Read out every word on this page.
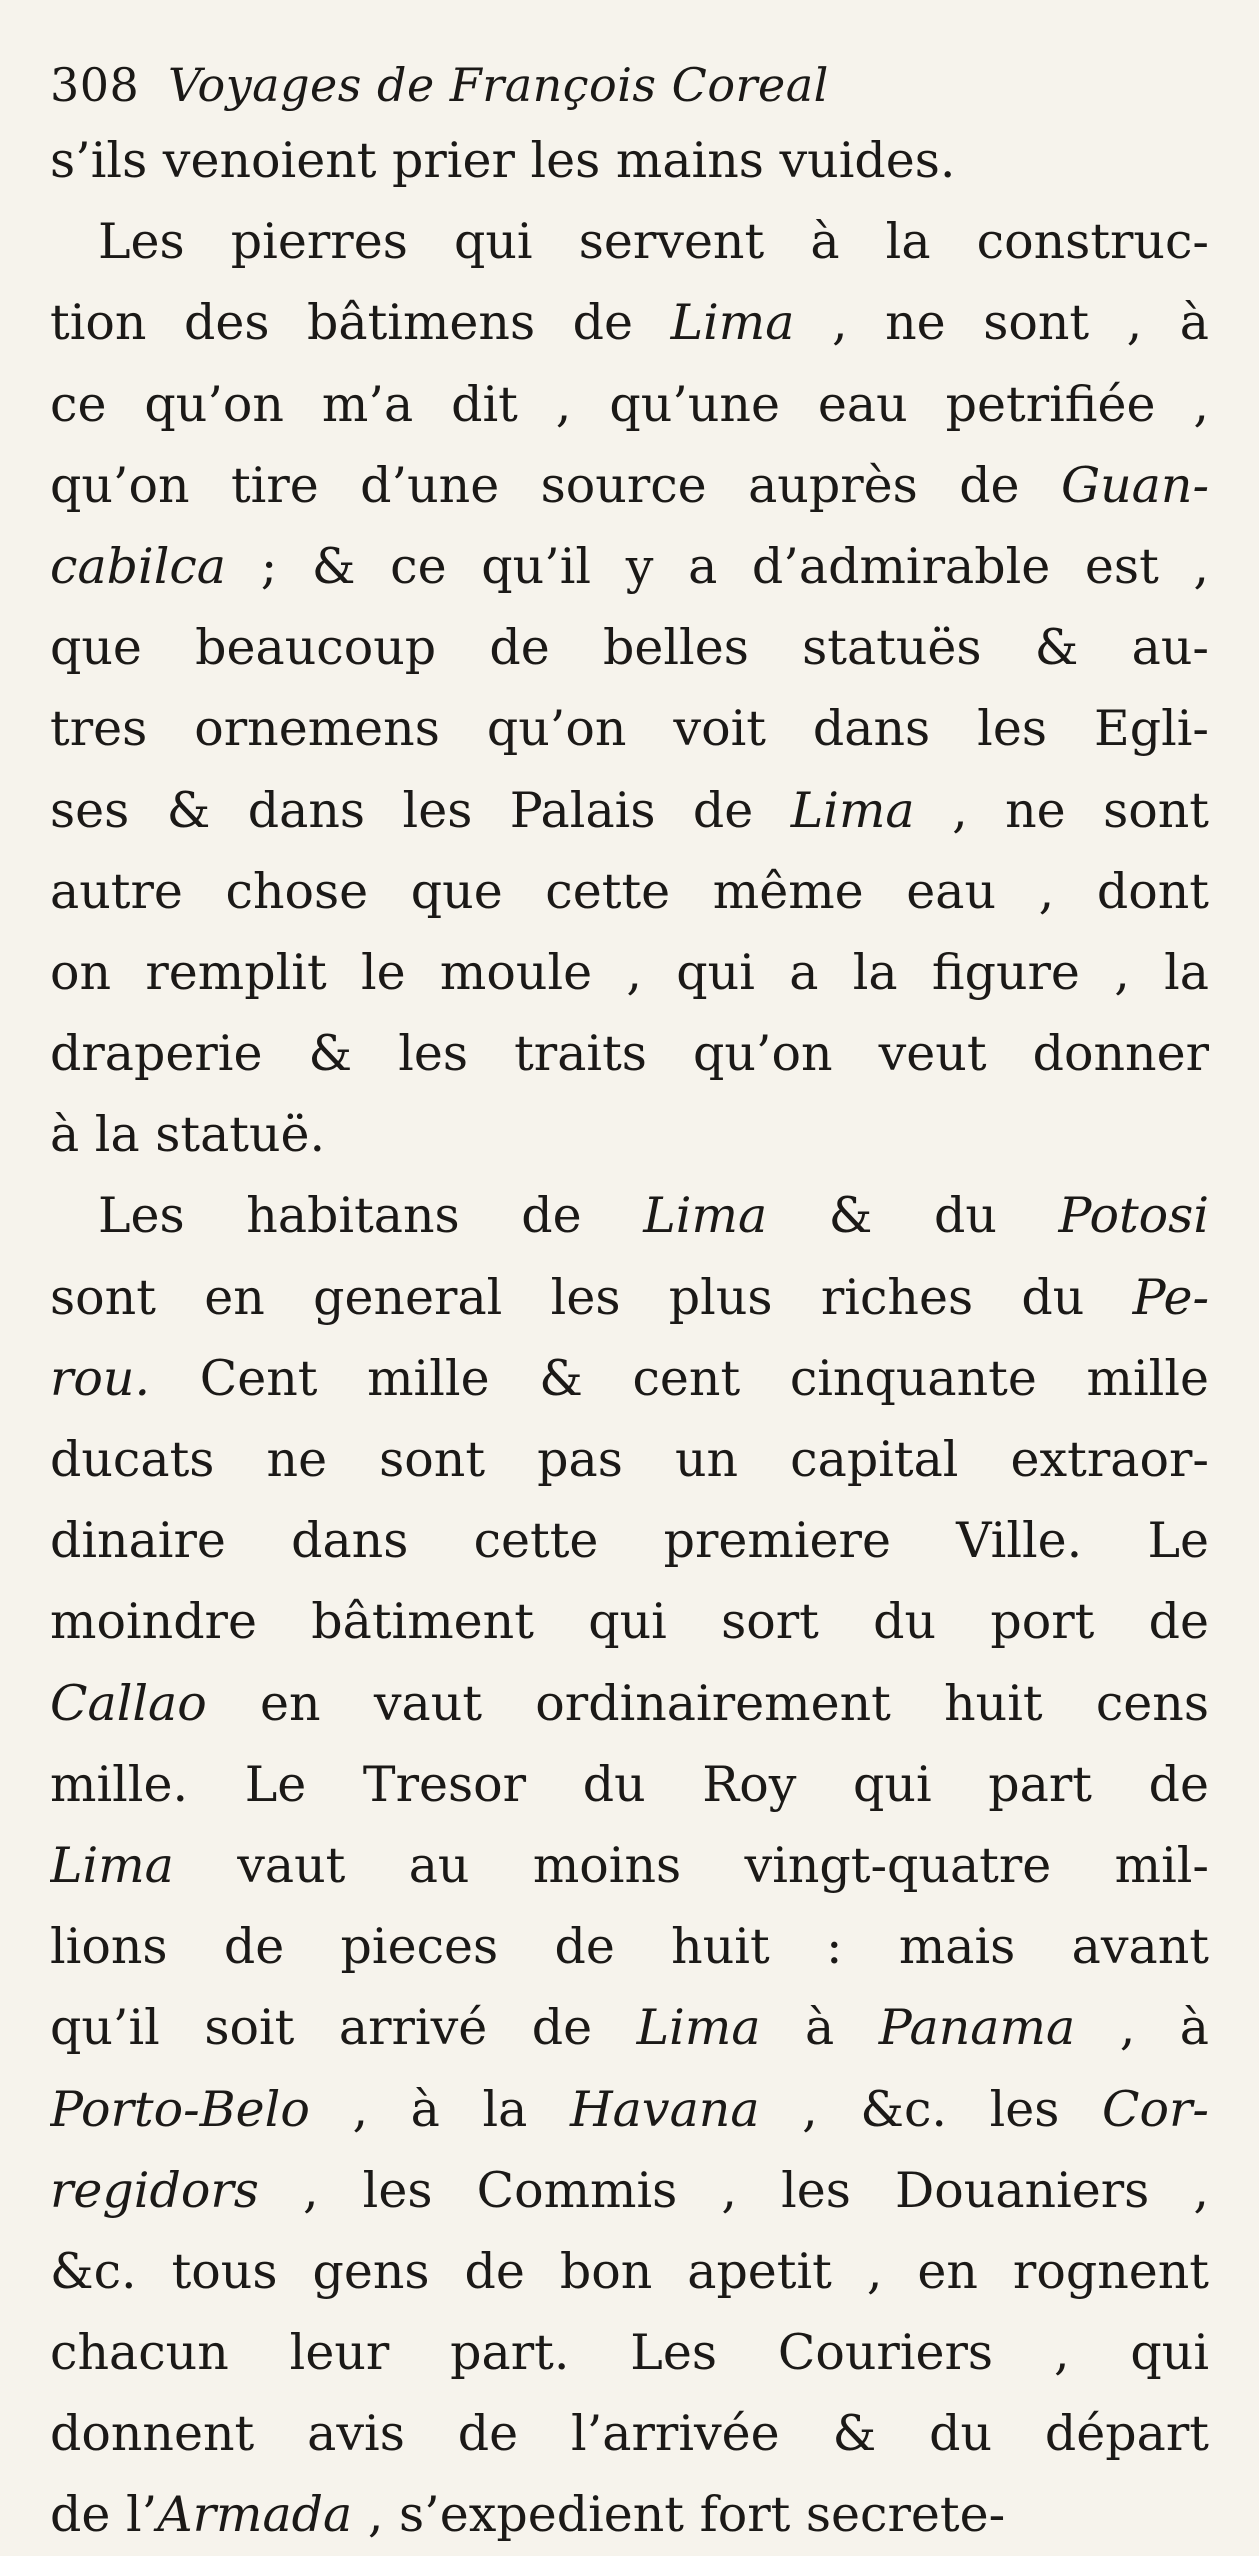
308 Voyages de François Coreal
s’ils venoient prier les mains vuides.
Les pierres qui servent à la construc-
tion des bâtimens de Lima , ne sont , à
ce qu’on m’a dit , qu’une eau petrifiée ,
qu’on tire d’une source auprès de Guan-
cabilca ; & ce qu’il y a d’admirable est ,
que beaucoup de belles statuës & au-
tres ornemens qu’on voit dans les Egli-
ses & dans les Palais de Lima , ne sont
autre chose que cette même eau , dont
on remplit le moule , qui a la figure , la
draperie & les traits qu’on veut donner
à la statuë.
Les habitans de Lima & du Potosi
sont en general les plus riches du Pe-
rou. Cent mille & cent cinquante mille
ducats ne sont pas un capital extraor-
dinaire dans cette premiere Ville. Le
moindre bâtiment qui sort du port de
Callao en vaut ordinairement huit cens
mille. Le Tresor du Roy qui part de
Lima vaut au moins vingt-quatre mil-
lions de pieces de huit : mais avant
qu’il soit arrivé de Lima à Panama , à
Porto-Belo , à la Havana , &c. les Cor-
regidors , les Commis , les Douaniers ,
&c. tous gens de bon apetit , en rognent
chacun leur part. Les Couriers , qui
donnent avis de l’arrivée & du départ
de l’Armada , s’expedient fort secrete-
